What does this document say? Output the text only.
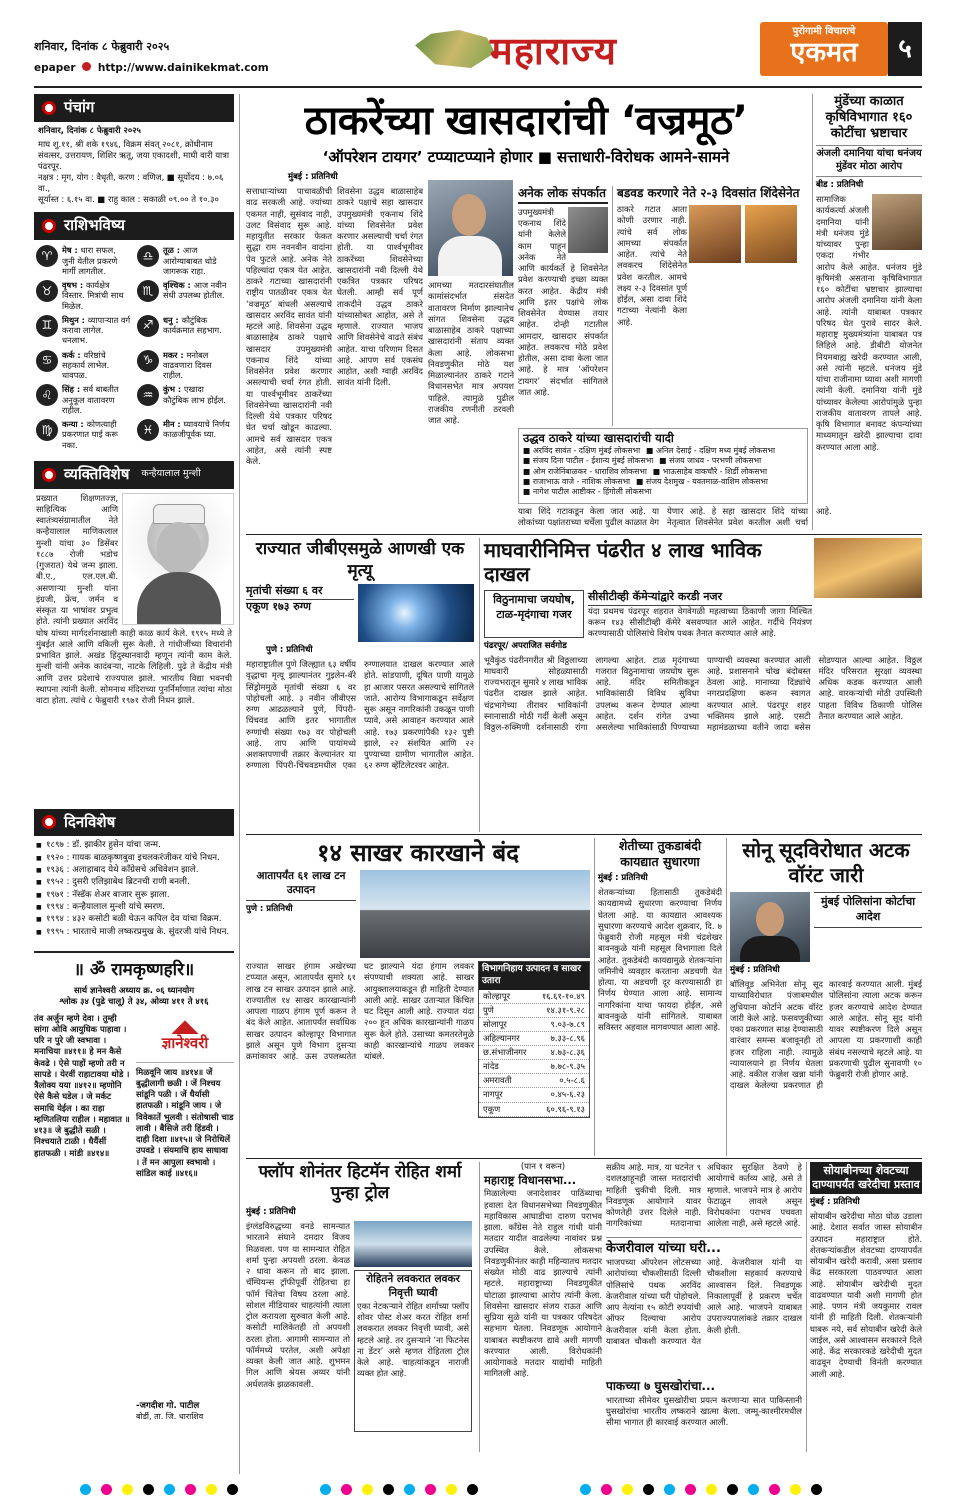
शनिवार, दिनांक ८ फेब्रुवारी २०२५
epaper http://www.dainikekmat.com	महाराज्य	पुरोगामी विचाराचे
एकमत	५
पंचांग
शनिवार, दिनांक ८ फेब्रुवारी २०२५
माघ शु.११, श्री शके १९४६, विक्रम संवत् २०८१, क्रोधीनाम संवत्सर, उत्तरायण, शिशिर ऋतू, जया एकादशी, माघी वारी यात्रा पंढरपूर.
नक्षत्र : मृग, योग : वैधृती, करण : वणिज, ■ सूर्योदय : ७.०६ वा.,
सूर्यास्त : ६.१५ वा. ■ राहु काल : सकाळी ०९.०० ते १०.३०
राशिभविष्य
♈	मेष : धारा सफल, जुनी येतील प्रकरणे मार्गी लागतील.
♎	तूळ : आज आरोग्याबाबत थोडे जागरूक राहा.
♉	वृषभ : कार्यक्षेत्र विस्तार. मित्रांची साथ मिळेल.
♏	वृश्चिक : आज नवीन संधी उपलब्ध होतील.
♊	मिथुन : व्यापाऱ्यात वर्ग करावा लागेल. धनलाभ.
♐	धनु : कौटुंबिक कार्यक्रमात सहभाग.
♋	कर्क : वरिष्ठांचे सहकार्य लाभेल. धावपळ.
♑	मकर : मनोबल वाढवणारा दिवस राहील.
♌	सिंह : सर्व बाबतीत अनुकूल वातावरण राहील.
♒	कुंभ : एखादा कौटुंबिक लाभ होईल.
♍	कन्या : कोणत्याही प्रकरणात घाई करू नका.
♓	मीन : घ्यावयाचे निर्णय काळजीपूर्वक घ्या.
व्यक्तिविशेष कन्हैयालाल मुन्शी
प्रख्यात शिक्षणतज्ज्ञ, साहित्यिक आणि स्वातंत्र्यसंग्रामातील नेते कन्हैयालाल माणिकलाल मुन्शी यांचा ३० डिसेंबर १८८७ रोजी भडोच (गुजरात) येथे जन्म झाला. बी.ए., एल.एल.बी. असणाऱ्या मुन्शी यांना इंग्रजी, फ्रेंच, जर्मन व संस्कृत या भाषांवर प्रभुत्व होते. त्यांनी प्रख्यात अरविंद घोष यांच्या मार्गदर्शनाखाली काही काळ कार्य केले. १९१५ मध्ये ते मुंबईत आले आणि वकिली सुरू केली. ते गांधीजींच्या विचारांनी प्रभावित झाले. अखंड हिंदुस्थानवादी म्हणून त्यांनी काम केले. मुन्शी यांनी अनेक कादंबऱ्या, नाटके लिहिली. पुढे ते केंद्रीय मंत्री आणि उत्तर प्रदेशाचे राज्यपाल झाले. भारतीय विद्या भवनची स्थापना त्यांनी केली. सोमनाथ मंदिराच्या पुनर्निर्माणात त्यांचा मोठा वाटा होता. त्यांचे ८ फेब्रुवारी १९७१ रोजी निधन झाले.
दिनविशेष
■ १८९७ : डॉ. झाकीर हुसेन यांचा जन्म.
■ १९२० : गायक बाळकृष्णबुवा इचलकरंजीकर यांचे निधन.
■ १९३६ : अलाहाबाद येथे काँग्रेसचे अधिवेशन झाले.
■ १९५२ : दुसरी एलिझाबेथ ब्रिटनची राणी बनली.
■ १९७१ : नॅस्डॅक शेअर बाजार सुरू झाला.
■ १९९४ : कन्हैयालाल मुन्शी यांचे स्मरण.
■ १९९४ : ४३२ कसोटी बळी घेऊन कपिल देव यांचा विक्रम.
■ १९९५ : भारताचे माजी लष्करप्रमुख के. सुंदरजी यांचे निधन.
॥ ॐ रामकृष्णहरि॥
सार्थ ज्ञानेश्वरी अध्याय क्र. ०६ ध्यानयोग
श्लोक ३४ (पुढे चालू) ते ३४, ओव्या ४११ ते ४१६
तंव अर्जुन म्हणे देवा । तुम्ही सांगा ओवि आयुधिक पाहावा । परि न पुरे जी स्वभावा । मनाचिया ॥४११॥ हे मन कैसे केवढे । ऐसे पाहों म्हणो तरी न सापडे । येरवीं राहाटावया थोडे । त्रैलोक्य यया ॥४१२॥ म्हणोनि ऐसे कैसे घडेल । जे मर्कट समाधि येईल । का राहा म्हणितलिया राहील । महावात ॥४१३॥ जे बुद्धीते सळी । निश्चयाते टाळी । धैर्यैसीं हातफळी । मांडी ॥४१४॥
ज्ञानेश्वरी
मिळवूनि जाय ॥४१४॥ जें बुद्धीलागी छळी । जें निश्चय सांडूनि पळी । जें धैर्यासी हातफळी । मांडूनि जाय । जे विवेकातें भुलवी । संतोषासी चाड लावी । बैसिजे तरी हिंडवी । दाही दिशा ॥४१५॥ जे निरोधिलें उपवडे । संयमाचि हाय साधावा । तें मन आपुला स्वभावो । सांडिल काई ॥४१६॥
-जगदीश गो. पाटील
बोर्डी, ता. जि. धाराशिव
ठाकरेंच्या खासदारांची ‘वज्रमूठ’
‘ऑपरेशन टायगर’ टप्प्याटप्प्याने होणार ■ सत्ताधारी-विरोधक आमने-सामने
मुंबई : प्रतिनिधी
सत्ताधाऱ्यांच्या पाचावळीची वाढ सरकली आहे. ज्यांच्या एकमत नाही, सुसंवाद नाही, उलट विसंवाद सुरू आहे. महायुतीत सरकार फेकत सुद्धा राम नवनवीन वादांना पेव फुटले आहे. अनेक नेते पहिल्यांदा एकत्र येत आहेत. ठाकरे गटाच्या खासदारांनी राष्ट्रीय पातळीवर एकत्र येत ‘वज्रमूठ’ बांधली असल्याचे खासदार अरविंद सावंत यांनी म्हटले आहे. शिवसेना उद्धव बाळासाहेब ठाकरे पक्षाचे खासदार उपमुख्यमंत्री एकनाथ शिंदे यांच्या शिवसेनेत प्रवेश करणार असल्याची चर्चा रंगत होती. या पार्श्वभूमीवर ठाकरेंच्या शिवसेनेच्या खासदारांनी नवी दिल्ली येथे पत्रकार परिषद घेत चर्चा खोडून काढल्या. आमचे सर्व खासदार एकत्र आहेत, असे त्यांनी स्पष्ट केले.
शिवसेना उद्धव बाळासाहेब ठाकरे पक्षाचे सहा खासदार उपमुख्यमंत्री एकनाथ शिंदे यांच्या शिवसेनेत प्रवेश करणार असल्याची चर्चा रंगत होती. या पार्श्वभूमीवर ठाकरेंच्या शिवसेनेच्या खासदारांनी नवी दिल्ली येथे एकत्रित पत्रकार परिषद घेतली. आम्ही सर्व पूर्ण ताकदीने उद्धव ठाकरे यांच्यासोबत आहोत, असे ते म्हणाले. राज्यात भाजप आणि शिवसेनेचे वाढते संबंध आहेत. याचा परिणाम दिसत आहे. आपण सर्व एकसंघ आहोत, अशी ग्वाही अरविंद सावंत यांनी दिली.
आमच्या मतदारसंघातील कामांसंदर्भात संसदेत वातावरण निर्माण झाल्यानेच सांगत शिवसेना उद्धव बाळासाहेब ठाकरे पक्षाच्या खासदारांनी संताप व्यक्त केला आहे. लोकसभा निवडणुकीत मोठे यश मिळाल्यानंतर ठाकरे गटाने विधानसभेत मात्र अपयश पाहिले. त्यामुळे पुढील राजकीय रणनीती ठरवली जात आहे.
अनेक लोक संपर्कात
उपमुख्यमंत्री एकनाथ शिंदे यांनी केलेले काम पाहून अनेक नेते आणि कार्यकर्ते हे शिवसेनेत प्रवेश करण्याची इच्छा व्यक्त करत आहेत. केंद्रीय मंत्री आणि इतर पक्षांचे लोक शिवसेनेत येण्यास तयार आहेत. दोन्ही गटातील आमदार, खासदार संपर्कात आहेत. लवकरच मोठे प्रवेश होतील, असा दावा केला जात आहे. हे मात्र ‘ऑपरेशन टायगर’ संदर्भात सांगितले जात आहे.
बडवड करणारे नेते २-३ दिवसांत शिंदेसेनेत
ठाकरे गटात आता कोणी उरणार नाही. त्यांचे सर्व लोक आमच्या संपर्कात आहेत. त्यांचे नेते लवकरच शिंदेसेनेत प्रवेश करतील. आमचे लक्ष्य २-३ दिवसांत पूर्ण होईल, असा दावा शिंदे गटाच्या नेत्यांनी केला आहे.
उद्धव ठाकरे यांच्या खासदारांची यादी
■ अरविंद सावंत - दक्षिण मुंबई लोकसभा ■ अनिल देसाई - दक्षिण मध्य मुंबई लोकसभा
■ संजय दिना पाटील - ईशान्य मुंबई लोकसभा ■ संजय जाधव - परभणी लोकसभा
■ ओम राजेनिंबाळकर - धाराशिव लोकसभा ■ भाऊसाहेब वाकचौरे - शिर्डी लोकसभा
■ राजाभाऊ वाजे - नाशिक लोकसभा ■ संजय देशमुख - यवतमाळ-वाशिम लोकसभा
■ नागेश पाटील आष्टीकर - हिंगोली लोकसभा
याबा शिंदे गटाकडून केला जात आहे. या लोकांच्या पक्षांतराच्या चर्चेला पुढील काळात वेग येणार आहे. हे सहा खासदार शिंदे यांच्या नेतृत्वात शिवसेनेत प्रवेश करतील अशी चर्चा आहे.
मुंडेंच्या काळात कृषिविभागात १६० कोटींचा भ्रष्टाचार
अंजली दमानिया यांचा धनंजय मुंडेंवर मोठा आरोप
बीड : प्रतिनिधी
सामाजिक कार्यकर्त्या अंजली दमानिया यांनी मंत्री धनंजय मुंडे यांच्यावर पुन्हा एकदा गंभीर आरोप केले आहेत. धनंजय मुंडे कृषिमंत्री असताना कृषिविभागात १६० कोटींचा भ्रष्टाचार झाल्याचा आरोप अंजली दमानिया यांनी केला आहे. त्यांनी याबाबत पत्रकार परिषद घेत पुरावे सादर केले. महाराष्ट्र मुख्यमंत्र्यांना याबाबत पत्र लिहिले आहे. डीबीटी योजनेत नियमबाह्य खरेदी करण्यात आली, असे त्यांनी म्हटले. धनंजय मुंडे यांचा राजीनामा घ्यावा अशी मागणी त्यांनी केली. दमानिया यांनी मुंडे यांच्यावर केलेल्या आरोपांमुळे पुन्हा राजकीय वातावरण तापले आहे. कृषि विभागात बनावट कंपन्यांच्या माध्यमातून खरेदी झाल्याचा दावा करण्यात आला आहे.
राज्यात जीबीएसमुळे आणखी एक मृत्यू
मृतांची संख्या ६ वर
एकूण १७३ रुग्ण
पुणे : प्रतिनिधी
महाराष्ट्रातील पुणे जिल्ह्यात ६३ वर्षीय वृद्धाचा मृत्यू झाल्यानंतर गुइलेन-बॅरे सिंड्रोममुळे मृतांची संख्या ६ वर पोहोचली आहे. ३ नवीन जीबीएस रुग्ण आढळल्याने पुणे, पिंपरी-चिंचवड आणि इतर भागातील रुग्णांची संख्या १७३ वर पोहोचली आहे. ताप आणि पायांमध्ये अशक्तपणाची तक्रार केल्यानंतर या रुग्णाला पिंपरी-चिंचवडमधील एका रुग्णालयात दाखल करण्यात आले होते. सांडपाणी, दूषित पाणी यामुळे हा आजार पसरत असल्याचे सांगितले जाते. आरोग्य विभागाकडून सर्वेक्षण सुरू असून नागरिकांनी उकळून पाणी प्यावे, असे आवाहन करण्यात आले आहे. १७३ प्रकरणांपैकी १३२ पुष्टी झाले, २२ संशयित आणि २२ पुण्याच्या ग्रामीण भागातील आहेत. ६२ रुग्ण व्हेंटिलेटरवर आहेत.
माघवारीनिमित्त पंढरीत ४ लाख भाविक दाखल
विठुनामाचा जयघोष, टाळ-मृदंगाचा गजर
सीसीटीव्ही कॅमेऱ्यांद्वारे करडी नजर
यंदा प्रथमच पंढरपूर शहरात वेगवेगळी महत्वाच्या ठिकाणी जागा निश्चित करून १४३ सीसीटीव्ही कॅमेरे बसवण्यात आले आहेत. गर्दीचे नियंत्रण करण्यासाठी पोलिसांचे विशेष पथक तैनात करण्यात आले आहे.
पंढरपूर/ अपराजित सर्वगोड
भूवैकुंठ पंढरीनगरीत श्री विठ्ठलाच्या माघवारी सोहळ्यासाठी राज्यभरातून सुमारे ४ लाख भाविक पंढरीत दाखल झाले आहेत. चंद्रभागेच्या तीरावर भाविकांनी स्नानासाठी मोठी गर्दी केली असून विठ्ठल-रुक्मिणी दर्शनासाठी रांगा लागल्या आहेत. टाळ मृदंगाच्या गजरात विठुनामाचा जयघोष सुरू आहे. मंदिर समितीकडून भाविकांसाठी विविध सुविधा उपलब्ध करून देण्यात आल्या आहेत. दर्शन रांगेत उभ्या असलेल्या भाविकांसाठी पिण्याच्या पाण्याची व्यवस्था करण्यात आली आहे. प्रशासनाने चोख बंदोबस्त ठेवला आहे. मानाच्या दिंड्यांचे नगरप्रदक्षिणा करून स्वागत करण्यात आले. पंढरपूर शहर भक्तिमय झाले आहे. एसटी महामंडळाच्या वतीने जादा बसेस सोडण्यात आल्या आहेत. विठ्ठल मंदिर परिसरात सुरक्षा व्यवस्था अधिक कडक करण्यात आली आहे. वारकऱ्यांची मोठी उपस्थिती पाहता विविध ठिकाणी पोलिस तैनात करण्यात आले आहेत.
१४ साखर कारखाने बंद
आतापर्यंत ६१ लाख टन उत्पादन
पुणे : प्रतिनिधी
राज्यात साखर हंगाम अखेरच्या टप्प्यात असून, आतापर्यंत सुमारे ६१ लाख टन साखर उत्पादन झाले आहे. राज्यातील १४ साखर कारखान्यांनी आपला गाळप हंगाम पूर्ण करून ते बंद केले आहेत. आतापर्यंत सर्वाधिक साखर उत्पादन कोल्हापूर विभागात झाले असून पुणे विभाग दुसऱ्या क्रमांकावर आहे. ऊस उपलब्धतेत घट झाल्याने यंदा हंगाम लवकर संपण्याची शक्यता आहे. साखर आयुक्तालयाकडून ही माहिती देण्यात आली आहे. साखर उताऱ्यात किंचित घट दिसून आली आहे. राज्यात यंदा २०० हून अधिक कारखान्यांनी गाळप सुरू केले होते. उसाच्या कमतरतेमुळे काही कारखान्यांचे गाळप लवकर थांबले.
विभागनिहाय उत्पादन व साखर उतारा
कोल्हापूर	१६.६१-१०.४९
पुणे	१४.३१-९.२८
सोलापूर	९.०३-७.८९
अहिल्यानगर	७.३३-८.९६
छ.संभाजीनगर	४.७३-८.३६
नांदेड	७.७८-९.३५
अमरावती	०.५-८.६
नागपूर	०.४५-६.२३
एकूण	६०.९६-९.१३
शेतीच्या तुकडाबंदी कायद्यात सुधारणा
मुंबई : प्रतिनिधी
शेतकऱ्यांच्या हितासाठी तुकडेबंदी कायद्यामध्ये सुधारणा करण्याचा निर्णय घेतला आहे. या कायद्यात आवश्यक सुधारणा करण्याचे आदेश शुक्रवार, दि. ७ फेब्रुवारी रोजी महसूल मंत्री चंद्रशेखर बावनकुळे यांनी महसूल विभागाला दिले आहेत. तुकडेबंदी कायद्यामुळे शेतकऱ्यांना जमिनीचे व्यवहार करताना अडचणी येत होत्या. या अडचणी दूर करण्यासाठी हा निर्णय घेण्यात आला आहे. सामान्य नागरिकांना याचा फायदा होईल, असे बावनकुळे यांनी सांगितले. याबाबत सविस्तर अहवाल मागवण्यात आला आहे.
सोनू सूदविरोधात अटक वॉरंट जारी
मुंबई पोलिसांना कोर्टाचा आदेश
मुंबई : प्रतिनिधी
बॉलिवूड अभिनेता सोनू सूद याच्याविरोधात पंजाबमधील लुधियाना कोर्टाने अटक वॉरंट जारी केले आहे. फसवणुकीच्या एका प्रकरणात साक्ष देण्यासाठी वारंवार समन्स बजावूनही तो हजर राहिला नाही. त्यामुळे न्यायालयाने हा निर्णय घेतला आहे. वकील राजेश खन्ना यांनी दाखल केलेल्या प्रकरणात ही कारवाई करण्यात आली. मुंबई पोलिसांना त्याला अटक करून हजर करण्याचे आदेश देण्यात आले आहेत. सोनू सूद यांनी यावर स्पष्टीकरण दिले असून आपला या प्रकरणाशी काही संबंध नसल्याचे म्हटले आहे. या प्रकरणाची पुढील सुनावणी १० फेब्रुवारी रोजी होणार आहे.
फ्लॉप शोनंतर हिटमॅन रोहित शर्मा पुन्हा ट्रोल
मुंबई : प्रतिनिधी
इंग्लंडविरुद्धच्या वनडे सामन्यात भारताने संघाने दमदार विजय मिळवला. पण या सामन्यात रोहित शर्मा पुन्हा अपयशी ठरला. केवळ २ धावा करून तो बाद झाला. चॅम्पियन्स ट्रॉफीपूर्वी रोहितचा हा फॉर्म चिंतेचा विषय ठरला आहे. सोशल मीडियावर चाहत्यांनी त्याला ट्रोल करायला सुरुवात केली आहे. कसोटी मालिकेतही तो अपयशी ठरला होता. आगामी सामन्यात तो फॉर्ममध्ये परतेल, अशी अपेक्षा व्यक्त केली जात आहे. शुभमन गिल आणि श्रेयस अय्यर यांनी अर्धशतके झळकावली.
रोहितने लवकरात लवकर निवृत्ती घ्यावी
एका नेटकऱ्याने रोहित शर्माच्या फ्लॉप शोवर पोस्ट शेअर करत रोहित शर्मा लवकरात लवकर निवृत्ती घ्यावी, असे म्हटले आहे. तर दुसऱ्याने ‘ना फिटनेस ना डेंटर’ असे म्हणत रोहितला ट्रोल केले आहे. चाहत्यांकडून नाराजी व्यक्त होत आहे.
(पान १ वरून)
महाराष्ट्र विधानसभा...
मिळालेल्या जनादेशावर पाठिंब्याचा हवाला देत विधानसभेच्या निवडणुकीत महाविकास आघाडीचा दारुण पराभव झाला. काँग्रेस नेते राहुल गांधी यांनी मतदार यादीत वाढलेल्या नावांवर प्रश्न उपस्थित केले. लोकसभा निवडणुकीनंतर काही महिन्यातच मतदार संख्येत मोठी वाढ झाल्याचे त्यांनी म्हटले. महाराष्ट्राच्या निवडणुकीत घोटाळा झाल्याचा आरोप त्यांनी केला. शिवसेना खासदार संजय राऊत आणि सुप्रिया सुळे यांनी या पत्रकार परिषदेत सहभाग घेतला. निवडणूक आयोगाने याबाबत स्पष्टीकरण द्यावे अशी मागणी करण्यात आली. विरोधकांनी आयोगाकडे मतदार याद्यांची माहिती मागितली आहे.
सक्रीय आहे. मात्र, या घटनेत ९ दशलक्षाहूनही जास्त मतदारांची माहिती चुकीची दिली. मात्र निवडणूक आयोगाने यावर कोणतेही उत्तर दिलेले नाही. नागरिकांच्या मतदानाचा अधिकार सुरक्षित ठेवणे हे आयोगाचे कर्तव्य आहे, असे ते म्हणाले. भाजपने मात्र हे आरोप फेटाळून लावले असून विरोधकांना पराभव पचवता आलेला नाही, असे म्हटले आहे.
केजरीवाल यांच्या घरी...
भाजपच्या ऑपरेशन लोटसच्या आरोपांच्या चौकशीसाठी दिल्ली पोलिसांचे पथक अरविंद केजरीवाल यांच्या घरी पोहोचले. आप नेत्यांना १५ कोटी रुपयांची ऑफर दिल्याचा आरोप केजरीवाल यांनी केला होता. याबाबत चौकशी करण्यात येत आहे. केजरीवाल यांनी या चौकशीला सहकार्य करण्याचे आश्वासन दिले. निवडणूक निकालापूर्वी हे प्रकरण चर्चेत आले आहे. भाजपने याबाबत उपराज्यपालांकडे तक्रार दाखल केली होती.
पाकच्या ७ घुसखोरांचा...
भारताच्या सीमेवर घुसखोरीचा प्रयत्न करणाऱ्या सात पाकिस्तानी घुसखोरांचा भारतीय लष्कराने खात्मा केला. जम्मू-काश्मीरमधील सीमा भागात ही कारवाई करण्यात आली.
सोयाबीनच्या शेवटच्या दाण्यापर्यंत खरेदीचा प्रस्ताव
मुंबई : प्रतिनिधी
सोयाबीन खरेदीचा मोठा घोळ उडाला आहे. देशात सर्वात जास्त सोयाबीन उत्पादन महाराष्ट्रात होते. शेतकऱ्यांकडील शेवटच्या दाण्यापर्यंत सोयाबीन खरेदी करावी, असा प्रस्ताव केंद्र सरकारला पाठवण्यात आला आहे. सोयाबीन खरेदीची मुदत वाढवण्यात यावी अशी मागणी होत आहे. पणन मंत्री जयकुमार रावल यांनी ही माहिती दिली. शेतकऱ्यांनी घाबरू नये, सर्व सोयाबीन खरेदी केले जाईल, असे आश्वासन सरकारने दिले आहे. केंद्र सरकारकडे खरेदीची मुदत वाढवून देण्याची विनंती करण्यात आली आहे.
